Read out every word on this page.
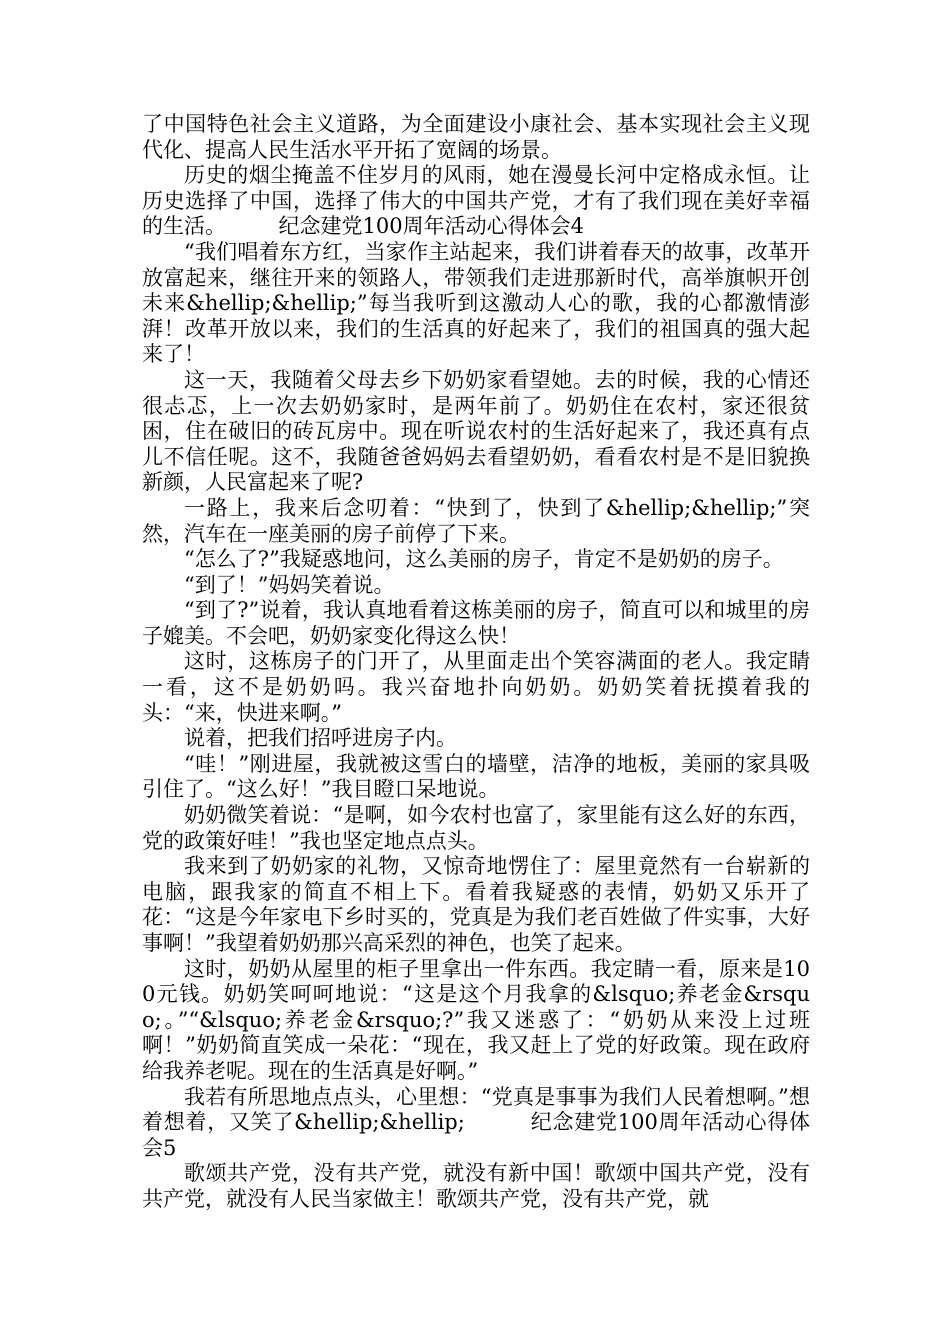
了中国特色社会主义道路，为全面建设小康社会、基本实现社会主义现代化、提高人民生活水平开拓了宽阔的场景。

历史的烟尘掩盖不住岁月的风雨，她在漫曼长河中定格成永恒。让历史选择了中国，选择了伟大的中国共产党，才有了我们现在美好幸福的生活。　　　纪念建党100周年活动心得体会4

“我们唱着东方红，当家作主站起来，我们讲着春天的故事，改革开放富起来，继往开来的领路人，带领我们走进那新时代，高举旗帜开创未来&hellip;&hellip;”每当我听到这激动人心的歌，我的心都激情澎湃！改革开放以来，我们的生活真的好起来了，我们的祖国真的强大起来了！

这一天，我随着父母去乡下奶奶家看望她。去的时候，我的心情还很忐忑，上一次去奶奶家时，是两年前了。奶奶住在农村，家还很贫困，住在破旧的砖瓦房中。现在听说农村的生活好起来了，我还真有点儿不信任呢。这不，我随爸爸妈妈去看望奶奶，看看农村是不是旧貌换新颜，人民富起来了呢?

一路上，我来后念叨着：“快到了，快到了&hellip;&hellip;”突然，汽车在一座美丽的房子前停了下来。

“怎么了?”我疑惑地问，这么美丽的房子，肯定不是奶奶的房子。

“到了！”妈妈笑着说。

“到了?”说着，我认真地看着这栋美丽的房子，简直可以和城里的房子媲美。不会吧，奶奶家变化得这么快！

这时，这栋房子的门开了，从里面走出个笑容满面的老人。我定睛一看，这不是奶奶吗。我兴奋地扑向奶奶。奶奶笑着抚摸着我的头：“来，快进来啊。”

说着，把我们招呼进房子内。

“哇！”刚进屋，我就被这雪白的墙壁，洁净的地板，美丽的家具吸引住了。“这么好！”我目瞪口呆地说。

奶奶微笑着说：“是啊，如今农村也富了，家里能有这么好的东西，党的政策好哇！”我也坚定地点点头。

我来到了奶奶家的礼物，又惊奇地愣住了：屋里竟然有一台崭新的电脑，跟我家的简直不相上下。看着我疑惑的表情，奶奶又乐开了花：“这是今年家电下乡时买的，党真是为我们老百姓做了件实事，大好事啊！”我望着奶奶那兴高采烈的神色，也笑了起来。

这时，奶奶从屋里的柜子里拿出一件东西。我定睛一看，原来是100元钱。奶奶笑呵呵地说：“这是这个月我拿的&lsquo;养老金&rsquo;。”“&lsquo;养老金&rsquo;?”我又迷惑了：“奶奶从来没上过班啊！”奶奶简直笑成一朵花：“现在，我又赶上了党的好政策。现在政府给我养老呢。现在的生活真是好啊。”

我若有所思地点点头，心里想：“党真是事事为我们人民着想啊。”想着想着，又笑了&hellip;&hellip;　　　纪念建党100周年活动心得体会5

歌颂共产党，没有共产党，就没有新中国！歌颂中国共产党，没有共产党，就没有人民当家做主！歌颂共产党，没有共产党，就
